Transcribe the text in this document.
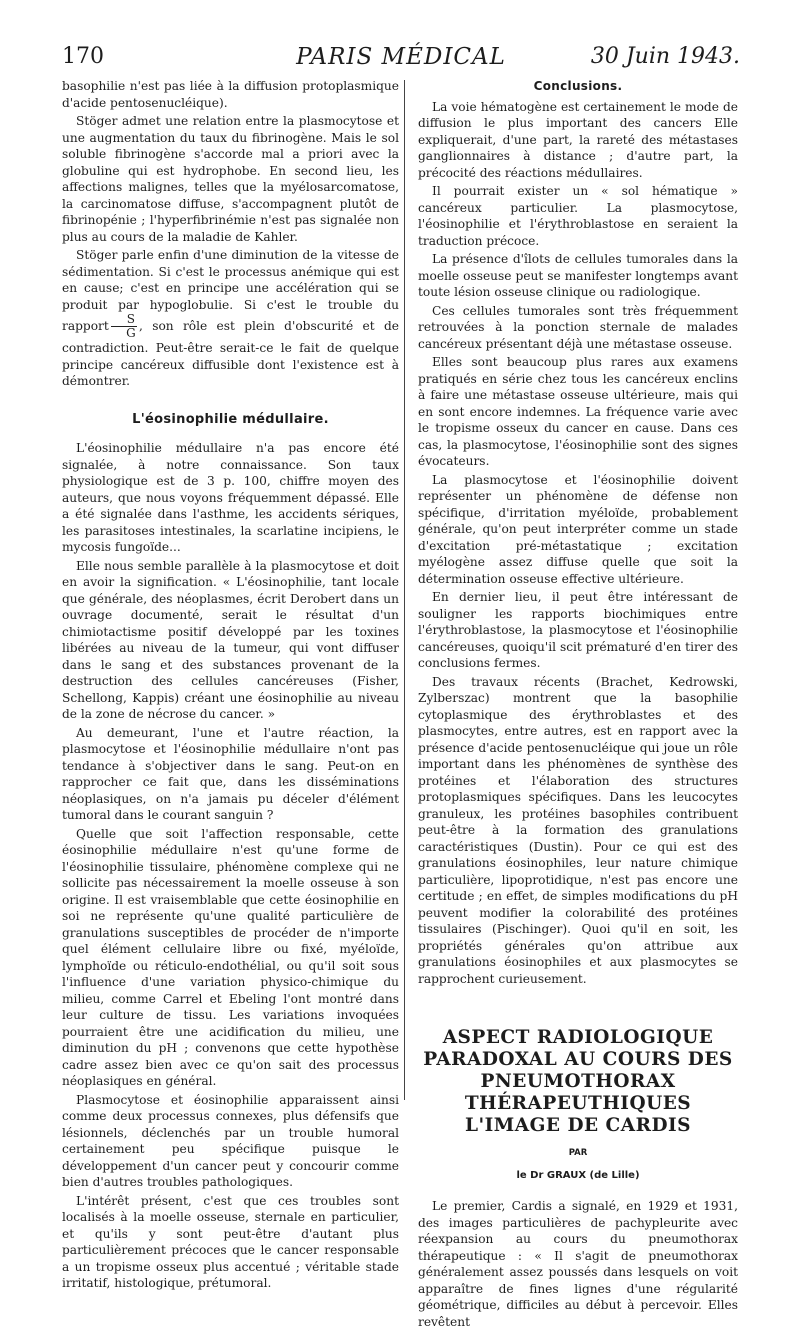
170	PARIS MÉDICAL	30 Juin 1943.

basophilie n'est pas liée à la diffusion protoplasmique d'acide pentosenucléique).

Stöger admet une relation entre la plasmocytose et une augmentation du taux du fibrinogène. Mais le sol soluble fibrinogène s'accorde mal a priori avec la globuline qui est hydrophobe. En second lieu, les affections malignes, telles que la myélosarcomatose, la carcinomatose diffuse, s'accompagnent plutôt de fibrinopénie ; l'hyperfibrinémie n'est pas signalée non plus au cours de la maladie de Kahler.

Stöger parle enfin d'une diminution de la vitesse de sédimentation. Si c'est le processus anémique qui est en cause; c'est en principe une accélération qui se produit par hypoglobulie. Si c'est le trouble du rapport $\frac{S}{G}$ , son rôle est plein d'obscurité et de contradiction. Peut-être serait-ce le fait de quelque principe cancéreux diffusible dont l'existence est à démontrer.

L'éosinophilie médullaire.

L'éosinophilie médullaire n'a pas encore été signalée, à notre connaissance. Son taux physiologique est de 3 p. 100, chiffre moyen des auteurs, que nous voyons fréquemment dépassé. Elle a été signalée dans l'asthme, les accidents sériques, les parasitoses intestinales, la scarlatine incipiens, le mycosis fungoïde...

Elle nous semble parallèle à la plasmocytose et doit en avoir la signification. « L'éosinophilie, tant locale que générale, des néoplasmes, écrit Derobert dans un ouvrage documenté, serait le résultat d'un chimiotactisme positif développé par les toxines libérées au niveau de la tumeur, qui vont diffuser dans le sang et des substances provenant de la destruction des cellules cancéreuses (Fisher, Schellong, Kappis) créant une éosinophilie au niveau de la zone de nécrose du cancer. »

Au demeurant, l'une et l'autre réaction, la plasmocytose et l'éosinophilie médullaire n'ont pas tendance à s'objectiver dans le sang. Peut-on en rapprocher ce fait que, dans les disséminations néoplasiques, on n'a jamais pu déceler d'élément tumoral dans le courant sanguin ?

Quelle que soit l'affection responsable, cette éosinophilie médullaire n'est qu'une forme de l'éosinophilie tissulaire, phénomène complexe qui ne sollicite pas nécessairement la moelle osseuse à son origine. Il est vraisemblable que cette éosinophilie en soi ne représente qu'une qualité particulière de granulations susceptibles de procéder de n'importe quel élément cellulaire libre ou fixé, myéloïde, lymphoïde ou réticulo-endothélial, ou qu'il soit sous l'influence d'une variation physico-chimique du milieu, comme Carrel et Ebeling l'ont montré dans leur culture de tissu. Les variations invoquées pourraient être une acidification du milieu, une diminution du pH ; convenons que cette hypothèse cadre assez bien avec ce qu'on sait des processus néoplasiques en général.

Plasmocytose et éosinophilie apparaissent ainsi comme deux processus connexes, plus défensifs que lésionnels, déclenchés par un trouble humoral certainement peu spécifique puisque le développement d'un cancer peut y concourir comme bien d'autres troubles pathologiques.

L'intérêt présent, c'est que ces troubles sont localisés à la moelle osseuse, sternale en particulier, et qu'ils y sont peut-être d'autant plus particulièrement précoces que le cancer responsable a un tropisme osseux plus accentué ; véritable stade irritatif, histologique, prétumoral.

Conclusions.

La voie hématogène est certainement le mode de diffusion le plus important des cancers Elle expliquerait, d'une part, la rareté des métastases ganglionnaires à distance ; d'autre part, la précocité des réactions médullaires.

Il pourrait exister un « sol hématique » cancéreux particulier. La plasmocytose, l'éosinophilie et l'érythroblastose en seraient la traduction précoce.

La présence d'îlots de cellules tumorales dans la moelle osseuse peut se manifester longtemps avant toute lésion osseuse clinique ou radiologique.

Ces cellules tumorales sont très fréquemment retrouvées à la ponction sternale de malades cancéreux présentant déjà une métastase osseuse.

Elles sont beaucoup plus rares aux examens pratiqués en série chez tous les cancéreux enclins à faire une métastase osseuse ultérieure, mais qui en sont encore indemnes. La fréquence varie avec le tropisme osseux du cancer en cause. Dans ces cas, la plasmocytose, l'éosinophilie sont des signes évocateurs.

La plasmocytose et l'éosinophilie doivent représenter un phénomène de défense non spécifique, d'irritation myéloïde, probablement générale, qu'on peut interpréter comme un stade d'excitation pré-métastatique ; excitation myélogène assez diffuse quelle que soit la détermination osseuse effective ultérieure.

En dernier lieu, il peut être intéressant de souligner les rapports biochimiques entre l'érythroblastose, la plasmocytose et l'éosinophilie cancéreuses, quoiqu'il scit prématuré d'en tirer des conclusions fermes.

Des travaux récents (Brachet, Kedrowski, Zylberszac) montrent que la basophilie cytoplasmique des érythroblastes et des plasmocytes, entre autres, est en rapport avec la présence d'acide pentosenucléique qui joue un rôle important dans les phénomènes de synthèse des protéines et l'élaboration des structures protoplasmiques spécifiques. Dans les leucocytes granuleux, les protéines basophiles contribuent peut-être à la formation des granulations caractéristiques (Dustin). Pour ce qui est des granulations éosinophiles, leur nature chimique particulière, lipoprotidique, n'est pas encore une certitude ; en effet, de simples modifications du pH peuvent modifier la colorabilité des protéines tissulaires (Pischinger). Quoi qu'il en soit, les propriétés générales qu'on attribue aux granulations éosinophiles et aux plasmocytes se rapprochent curieusement.

ASPECT RADIOLOGIQUE PARADOXAL AU COURS DES PNEUMOTHORAX THÉRAPEUTHIQUES L'IMAGE DE CARDIS
PAR
le Dr GRAUX (de Lille)

Le premier, Cardis a signalé, en 1929 et 1931, des images particulières de pachypleurite avec réexpansion au cours du pneumothorax thérapeutique : « Il s'agit de pneumothorax généralement assez poussés dans lesquels on voit apparaître de fines lignes d'une régularité géométrique, difficiles au début à percevoir. Elles revêtent
